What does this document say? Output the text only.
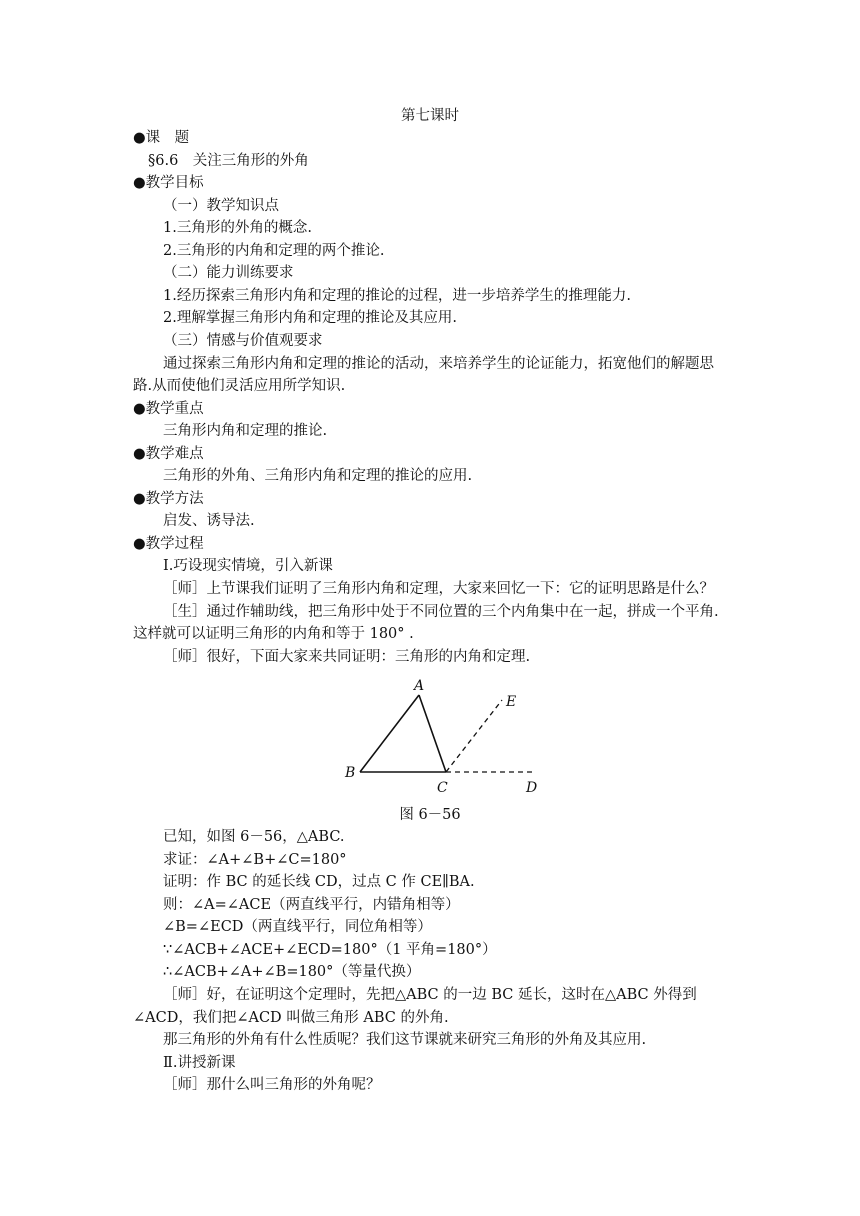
第七课时
●课　题
§6.6　关注三角形的外角
●教学目标
（一）教学知识点
1.三角形的外角的概念.
2.三角形的内角和定理的两个推论.
（二）能力训练要求
1.经历探索三角形内角和定理的推论的过程，进一步培养学生的推理能力.
2.理解掌握三角形内角和定理的推论及其应用.
（三）情感与价值观要求
通过探索三角形内角和定理的推论的活动，来培养学生的论证能力，拓宽他们的解题思
路.从而使他们灵活应用所学知识.
●教学重点
三角形内角和定理的推论.
●教学难点
三角形的外角、三角形内角和定理的推论的应用.
●教学方法
启发、诱导法.
●教学过程
Ⅰ.巧设现实情境，引入新课
［师］上节课我们证明了三角形内角和定理，大家来回忆一下：它的证明思路是什么？
［生］通过作辅助线，把三角形中处于不同位置的三个内角集中在一起，拼成一个平角.
这样就可以证明三角形的内角和等于 180° .
［师］很好，下面大家来共同证明：三角形的内角和定理.
A
B
C	D
E
图 6－56
已知，如图 6－56，△ABC.
求证：∠A+∠B+∠C=180°
证明：作 BC 的延长线 CD，过点 C 作 CE∥BA.
则：∠A=∠ACE（两直线平行，内错角相等）
∠B=∠ECD（两直线平行，同位角相等）
∵∠ACB+∠ACE+∠ECD=180°（1 平角=180°）
∴∠ACB+∠A+∠B=180°（等量代换）
［师］好，在证明这个定理时，先把△ABC 的一边 BC 延长，这时在△ABC 外得到
∠ACD，我们把∠ACD 叫做三角形 ABC 的外角.
那三角形的外角有什么性质呢？我们这节课就来研究三角形的外角及其应用.
Ⅱ.讲授新课
［师］那什么叫三角形的外角呢？
